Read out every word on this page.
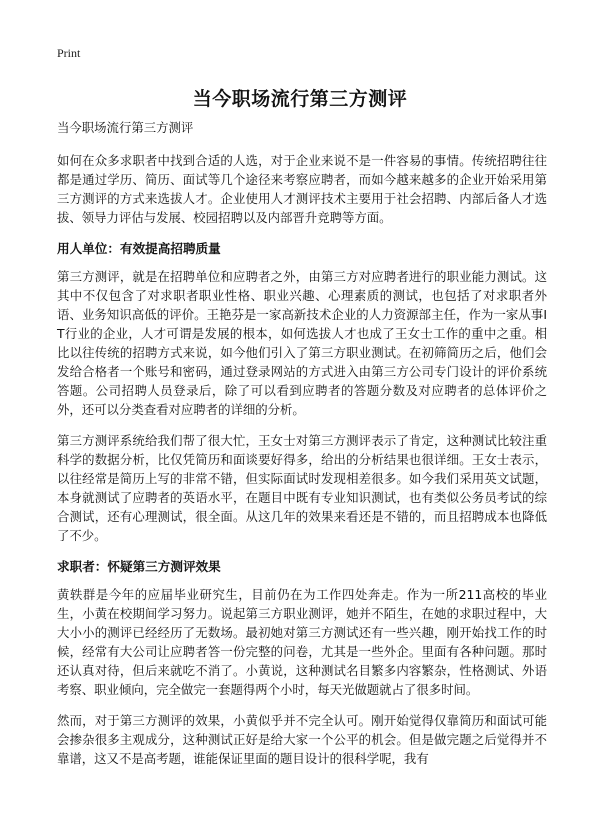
Print
当今职场流行第三方测评

当今职场流行第三方测评

如何在众多求职者中找到合适的人选，对于企业来说不是一件容易的事情。传统招聘往往都是通过学历、简历、面试等几个途径来考察应聘者，而如今越来越多的企业开始采用第三方测评的方式来选拔人才。企业使用人才测评技术主要用于社会招聘、内部后备人才选拔、领导力评估与发展、校园招聘以及内部晋升竞聘等方面。

用人单位：有效提高招聘质量

第三方测评，就是在招聘单位和应聘者之外，由第三方对应聘者进行的职业能力测试。这其中不仅包含了对求职者职业性格、职业兴趣、心理素质的测试，也包括了对求职者外语、业务知识高低的评价。王艳芬是一家高新技术企业的人力资源部主任，作为一家从事IT行业的企业，人才可谓是发展的根本，如何选拔人才也成了王女士工作的重中之重。相比以往传统的招聘方式来说，如今他们引入了第三方职业测试。在初筛简历之后，他们会发给合格者一个账号和密码，通过登录网站的方式进入由第三方公司专门设计的评价系统答题。公司招聘人员登录后，除了可以看到应聘者的答题分数及对应聘者的总体评价之外，还可以分类查看对应聘者的详细的分析。

第三方测评系统给我们帮了很大忙，王女士对第三方测评表示了肯定，这种测试比较注重科学的数据分析，比仅凭简历和面谈要好得多，给出的分析结果也很详细。王女士表示，以往经常是简历上写的非常不错，但实际面试时发现相差很多。如今我们采用英文试题，本身就测试了应聘者的英语水平，在题目中既有专业知识测试，也有类似公务员考试的综合测试，还有心理测试，很全面。从这几年的效果来看还是不错的，而且招聘成本也降低了不少。

求职者：怀疑第三方测评效果

黄轶群是今年的应届毕业研究生，目前仍在为工作四处奔走。作为一所211高校的毕业生，小黄在校期间学习努力。说起第三方职业测评，她并不陌生，在她的求职过程中，大大小小的测评已经经历了无数场。最初她对第三方测试还有一些兴趣，刚开始找工作的时候，经常有大公司让应聘者答一份完整的问卷，尤其是一些外企。里面有各种问题。那时还认真对待，但后来就吃不消了。小黄说，这种测试名目繁多内容繁杂，性格测试、外语考察、职业倾向，完全做完一套题得两个小时，每天光做题就占了很多时间。

然而，对于第三方测评的效果，小黄似乎并不完全认可。刚开始觉得仅靠简历和面试可能会掺杂很多主观成分，这种测试正好是给大家一个公平的机会。但是做完题之后觉得并不靠谱，这又不是高考题，谁能保证里面的题目设计的很科学呢，我有
